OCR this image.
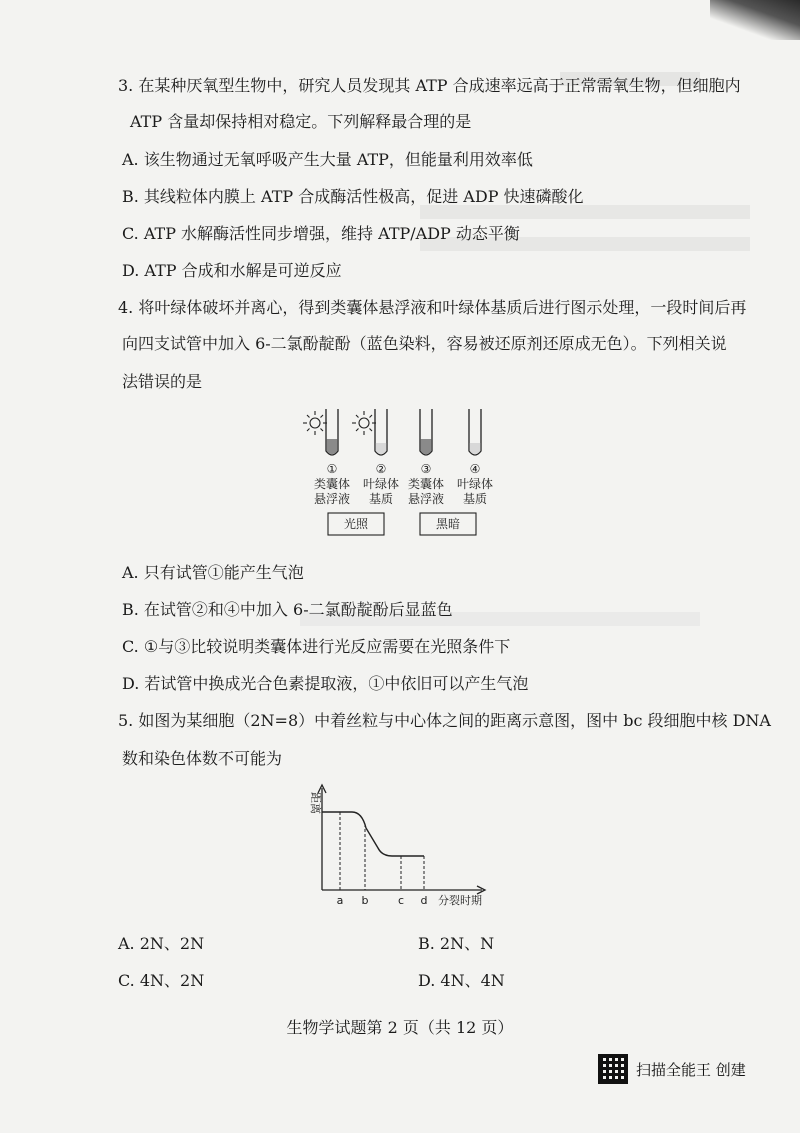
3. 在某种厌氧型生物中，研究人员发现其 ATP 合成速率远高于正常需氧生物，但细胞内
ATP 含量却保持相对稳定。下列解释最合理的是
A. 该生物通过无氧呼吸产生大量 ATP，但能量利用效率低
B. 其线粒体内膜上 ATP 合成酶活性极高，促进 ADP 快速磷酸化
C. ATP 水解酶活性同步增强，维持 ATP/ADP 动态平衡
D. ATP 合成和水解是可逆反应
4. 将叶绿体破坏并离心，得到类囊体悬浮液和叶绿体基质后进行图示处理，一段时间后再
向四支试管中加入 6-二氯酚靛酚（蓝色染料，容易被还原剂还原成无色）。下列相关说
法错误的是
①
类囊体
悬浮液
②
叶绿体
基质
③
类囊体
悬浮液
④
叶绿体
基质
光照	黑暗
A. 只有试管①能产生气泡
B. 在试管②和④中加入 6-二氯酚靛酚后显蓝色
C. ①与③比较说明类囊体进行光反应需要在光照条件下
D. 若试管中换成光合色素提取液，①中依旧可以产生气泡
5. 如图为某细胞（2N=8）中着丝粒与中心体之间的距离示意图，图中 bc 段细胞中核 DNA
数和染色体数不可能为
a b	c d 分裂时期
距离
A. 2N、2N	B. 2N、N
C. 4N、2N	D. 4N、4N
生物学试题第 2 页（共 12 页）
扫描全能王 创建
